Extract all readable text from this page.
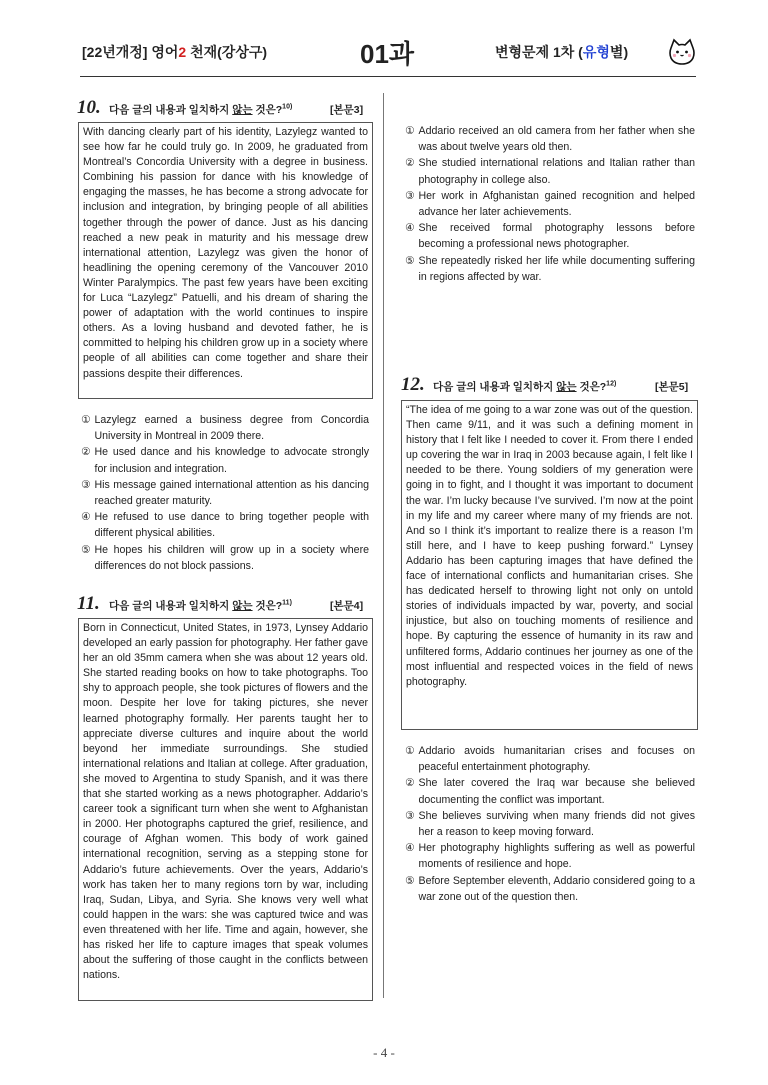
[22년개정] 영어2 천재(강상구)	01과	변형문제 1차 (유형별)
10. 다음 글의 내용과 일치하지 않는 것은?$^{10)}$	[본문3]
With dancing clearly part of his identity, Lazylegz wanted to see how far he could truly go. In 2009, he graduated from Montreal’s Concordia University with a degree in business. Combining his passion for dance with his knowledge of engaging the masses, he has become a strong advocate for inclusion and integration, by bringing people of all abilities together through the power of dance. Just as his dancing reached a new peak in maturity and his message drew international attention, Lazylegz was given the honor of headlining the opening ceremony of the Vancouver 2010 Winter Paralympics. The past few years have been exciting for Luca “Lazylegz” Patuelli, and his dream of sharing the power of adaptation with the world continues to inspire others. As a loving husband and devoted father, he is committed to helping his children grow up in a society where people of all abilities can come together and share their passions despite their differences.
① Lazylegz earned a business degree from Concordia University in Montreal in 2009 there.
② He used dance and his knowledge to advocate strongly for inclusion and integration.
③ His message gained international attention as his dancing reached greater maturity.
④ He refused to use dance to bring together people with different physical abilities.
⑤ He hopes his children will grow up in a society where differences do not block passions.
11. 다음 글의 내용과 일치하지 않는 것은?$^{11)}$	[본문4]
Born in Connecticut, United States, in 1973, Lynsey Addario developed an early passion for photography. Her father gave her an old 35mm camera when she was about 12 years old. She started reading books on how to take photographs. Too shy to approach people, she took pictures of flowers and the moon. Despite her love for taking pictures, she never learned photography formally. Her parents taught her to appreciate diverse cultures and inquire about the world beyond her immediate surroundings. She studied international relations and Italian at college. After graduation, she moved to Argentina to study Spanish, and it was there that she started working as a news photographer. Addario’s career took a significant turn when she went to Afghanistan in 2000. Her photographs captured the grief, resilience, and courage of Afghan women. This body of work gained international recognition, serving as a stepping stone for Addario’s future achievements. Over the years, Addario’s work has taken her to many regions torn by war, including Iraq, Sudan, Libya, and Syria. She knows very well what could happen in the wars: she was captured twice and was even threatened with her life. Time and again, however, she has risked her life to capture images that speak volumes about the suffering of those caught in the conflicts between nations.
① Addario received an old camera from her father when she was about twelve years old then.
② She studied international relations and Italian rather than photography in college also.
③ Her work in Afghanistan gained recognition and helped advance her later achievements.
④ She received formal photography lessons before becoming a professional news photographer.
⑤ She repeatedly risked her life while documenting suffering in regions affected by war.
12. 다음 글의 내용과 일치하지 않는 것은?$^{12)}$	[본문5]
“The idea of me going to a war zone was out of the question. Then came 9/11, and it was such a defining moment in history that I felt like I needed to cover it. From there I ended up covering the war in Iraq in 2003 because again, I felt like I needed to be there. Young soldiers of my generation were going in to fight, and I thought it was important to document the war. I’m lucky because I’ve survived. I’m now at the point in my life and my career where many of my friends are not. And so I think it’s important to realize there is a reason I’m still here, and I have to keep pushing forward.” Lynsey Addario has been capturing images that have defined the face of international conflicts and humanitarian crises. She has dedicated herself to throwing light not only on untold stories of individuals impacted by war, poverty, and social injustice, but also on touching moments of resilience and hope. By capturing the essence of humanity in its raw and unfiltered forms, Addario continues her journey as one of the most influential and respected voices in the field of news photography.
① Addario avoids humanitarian crises and focuses on peaceful entertainment photography.
② She later covered the Iraq war because she believed documenting the conflict was important.
③ She believes surviving when many friends did not gives her a reason to keep moving forward.
④ Her photography highlights suffering as well as powerful moments of resilience and hope.
⑤ Before September eleventh, Addario considered going to a war zone out of the question then.
- 4 -
